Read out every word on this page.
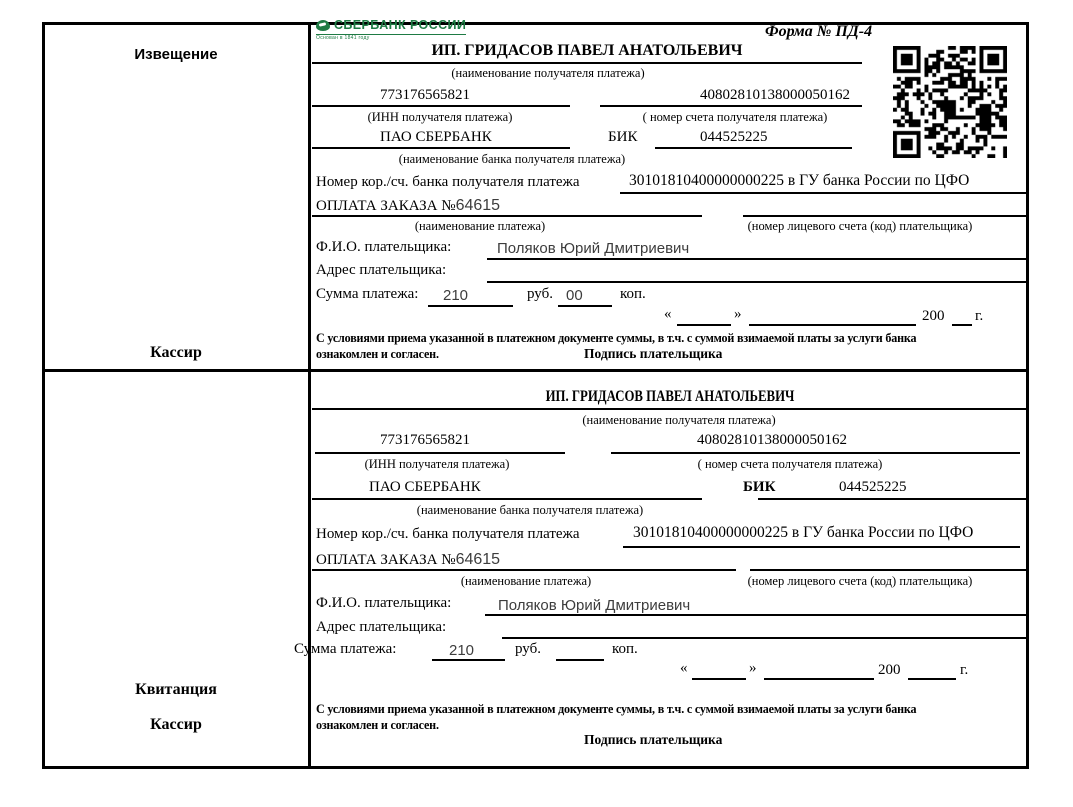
Извещение
Кассир
СБЕРБАНК РОССИИ
Основан в 1841 году	Форма № ПД-4
ИП. ГРИДАСОВ ПАВЕЛ АНАТОЛЬЕВИЧ
(наименование получателя платежа)
773176565821	40802810138000050162
(ИНН получателя платежа)	( номер счета получателя платежа)
ПАО СБЕРБАНК	БИК	044525225
(наименование банка получателя платежа)
Номер кор./сч. банка получателя платежа	30101810400000000225 в ГУ банка России по ЦФО
ОПЛАТА ЗАКАЗА №64615
(наименование платежа)	(номер лицевого счета (код) плательщика)
Ф.И.О. плательщика:	Поляков Юрий Дмитриевич
Адрес плательщика:
Сумма платежа: 210	руб. 00 коп.
«	»	200 г.
С условиями приема указанной в платежном документе суммы, в т.ч. с суммой взимаемой платы за услуги банка
ознакомлен и согласен.	Подпись плательщика
Квитанция
Кассир
ИП. ГРИДАСОВ ПАВЕЛ АНАТОЛЬЕВИЧ
(наименование получателя платежа)
773176565821	40802810138000050162
(ИНН получателя платежа)	( номер счета получателя платежа)
ПАО СБЕРБАНК	БИК	044525225
(наименование банка получателя платежа)
Номер кор./сч. банка получателя платежа	30101810400000000225 в ГУ банка России по ЦФО
ОПЛАТА ЗАКАЗА №64615
(наименование платежа)	(номер лицевого счета (код) плательщика)
Ф.И.О. плательщика:	Поляков Юрий Дмитриевич
Адрес плательщика:
Сумма платежа:	210	руб.	коп.
«	»	200	г.
С условиями приема указанной в платежном документе суммы, в т.ч. с суммой взимаемой платы за услуги банка
ознакомлен и согласен.
Подпись плательщика
